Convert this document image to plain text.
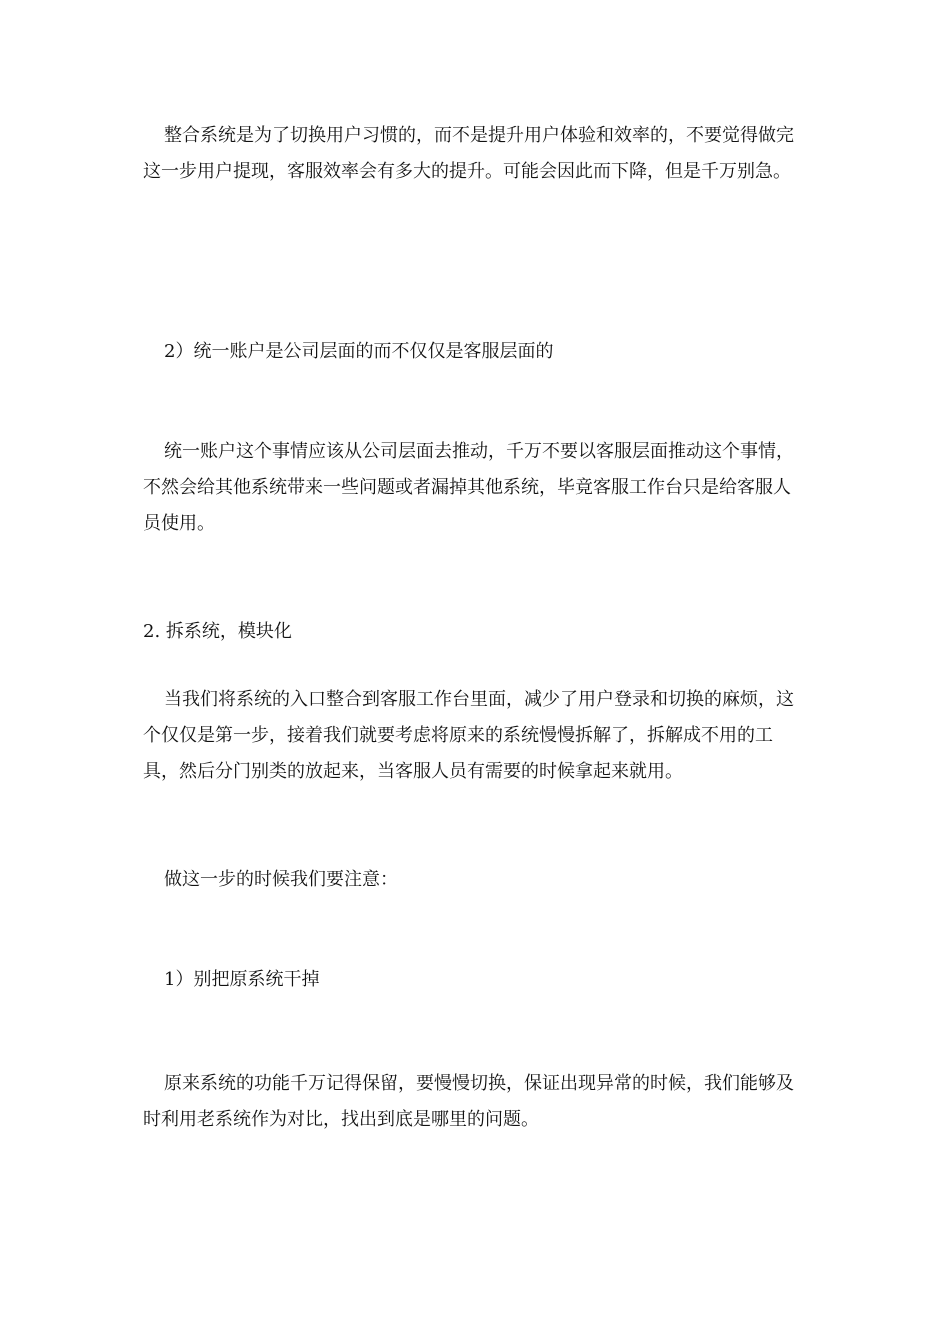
整合系统是为了切换用户习惯的，而不是提升用户体验和效率的，不要觉得做完这一步用户提现，客服效率会有多大的提升。可能会因此而下降，但是千万别急。
2）统一账户是公司层面的而不仅仅是客服层面的
统一账户这个事情应该从公司层面去推动，千万不要以客服层面推动这个事情，不然会给其他系统带来一些问题或者漏掉其他系统，毕竟客服工作台只是给客服人员使用。
2. 拆系统，模块化
当我们将系统的入口整合到客服工作台里面，减少了用户登录和切换的麻烦，这个仅仅是第一步，接着我们就要考虑将原来的系统慢慢拆解了，拆解成不用的工具，然后分门别类的放起来，当客服人员有需要的时候拿起来就用。
做这一步的时候我们要注意：
1）别把原系统干掉
原来系统的功能千万记得保留，要慢慢切换，保证出现异常的时候，我们能够及时利用老系统作为对比，找出到底是哪里的问题。
